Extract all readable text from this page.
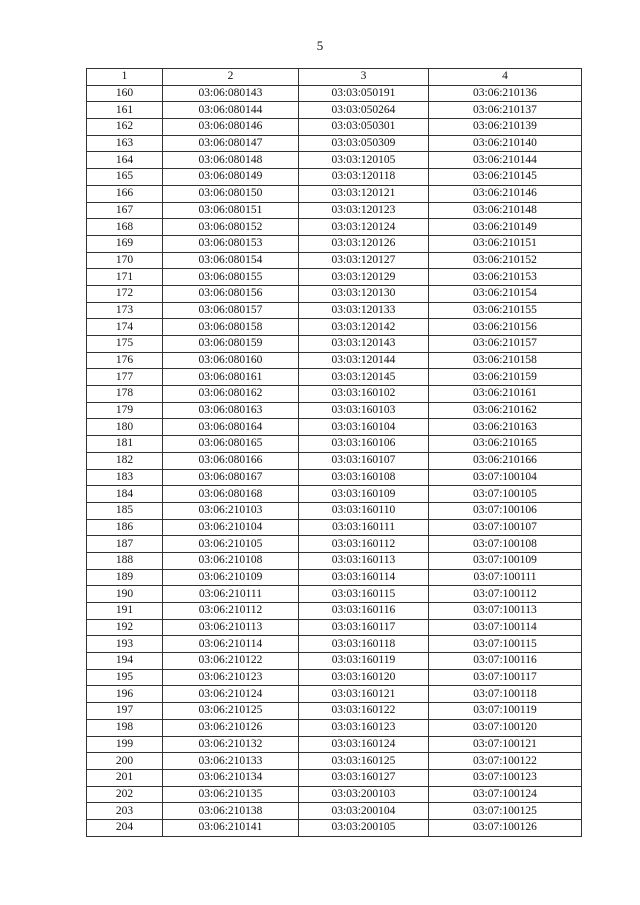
5
1	2	3	4
160	03:06:080143	03:03:050191	03:06:210136
161	03:06:080144	03:03:050264	03:06:210137
162	03:06:080146	03:03:050301	03:06:210139
163	03:06:080147	03:03:050309	03:06:210140
164	03:06:080148	03:03:120105	03:06:210144
165	03:06:080149	03:03:120118	03:06:210145
166	03:06:080150	03:03:120121	03:06:210146
167	03:06:080151	03:03:120123	03:06:210148
168	03:06:080152	03:03:120124	03:06:210149
169	03:06:080153	03:03:120126	03:06:210151
170	03:06:080154	03:03:120127	03:06:210152
171	03:06:080155	03:03:120129	03:06:210153
172	03:06:080156	03:03:120130	03:06:210154
173	03:06:080157	03:03:120133	03:06:210155
174	03:06:080158	03:03:120142	03:06:210156
175	03:06:080159	03:03:120143	03:06:210157
176	03:06:080160	03:03:120144	03:06:210158
177	03:06:080161	03:03:120145	03:06:210159
178	03:06:080162	03:03:160102	03:06:210161
179	03:06:080163	03:03:160103	03:06:210162
180	03:06:080164	03:03:160104	03:06:210163
181	03:06:080165	03:03:160106	03:06:210165
182	03:06:080166	03:03:160107	03:06:210166
183	03:06:080167	03:03:160108	03:07:100104
184	03:06:080168	03:03:160109	03:07:100105
185	03:06:210103	03:03:160110	03:07:100106
186	03:06:210104	03:03:160111	03:07:100107
187	03:06:210105	03:03:160112	03:07:100108
188	03:06:210108	03:03:160113	03:07:100109
189	03:06:210109	03:03:160114	03:07:100111
190	03:06:210111	03:03:160115	03:07:100112
191	03:06:210112	03:03:160116	03:07:100113
192	03:06:210113	03:03:160117	03:07:100114
193	03:06:210114	03:03:160118	03:07:100115
194	03:06:210122	03:03:160119	03:07:100116
195	03:06:210123	03:03:160120	03:07:100117
196	03:06:210124	03:03:160121	03:07:100118
197	03:06:210125	03:03:160122	03:07:100119
198	03:06:210126	03:03:160123	03:07:100120
199	03:06:210132	03:03:160124	03:07:100121
200	03:06:210133	03:03:160125	03:07:100122
201	03:06:210134	03:03:160127	03:07:100123
202	03:06:210135	03:03:200103	03:07:100124
203	03:06:210138	03:03:200104	03:07:100125
204	03:06:210141	03:03:200105	03:07:100126
